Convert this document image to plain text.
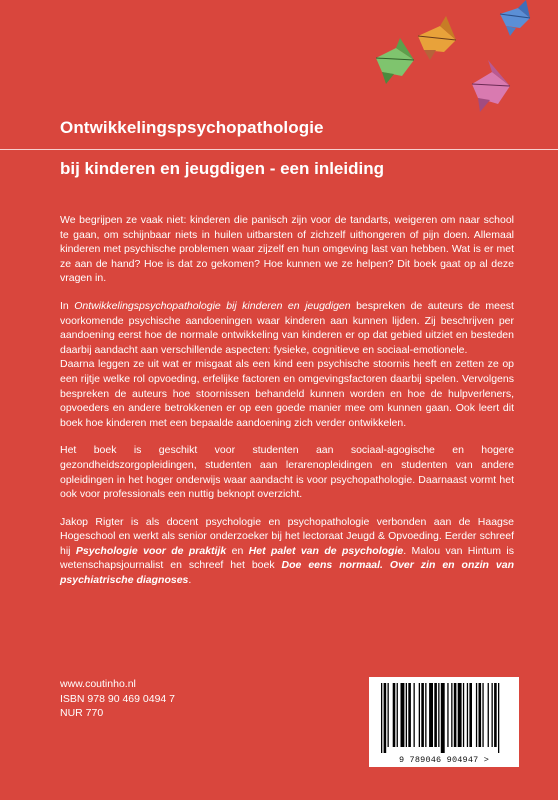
Ontwikkelingspsychopathologie
bij kinderen en jeugdigen - een inleiding

We begrijpen ze vaak niet: kinderen die panisch zijn voor de tandarts, weigeren om naar school te gaan, om schijnbaar niets in huilen uitbarsten of zichzelf uithongeren of pijn doen. Allemaal kinderen met psychische problemen waar zijzelf en hun omgeving last van hebben. Wat is er met ze aan de hand? Hoe is dat zo gekomen? Hoe kunnen we ze helpen? Dit boek gaat op al deze vragen in.

In Ontwikkelingspsychopathologie bij kinderen en jeugdigen bespreken de auteurs de meest voorkomende psychische aandoeningen waar kinderen aan kunnen lijden. Zij beschrijven per aandoening eerst hoe de normale ontwikkeling van kinderen er op dat gebied uitziet en besteden daarbij aandacht aan verschillende aspecten: fysieke, cognitieve en sociaal-emotionele.
Daarna leggen ze uit wat er misgaat als een kind een psychische stoornis heeft en zetten ze op een rijtje welke rol opvoeding, erfelijke factoren en omgevingsfactoren daarbij spelen. Vervolgens bespreken de auteurs hoe stoornissen behandeld kunnen worden en hoe de hulpverleners, opvoeders en andere betrokkenen er op een goede manier mee om kunnen gaan. Ook leert dit boek hoe kinderen met een bepaalde aandoening zich verder ontwikkelen.

Het boek is geschikt voor studenten aan sociaal-agogische en hogere gezondheidszorgopleidingen, studenten aan lerarenopleidingen en studenten van andere opleidingen in het hoger onderwijs waar aandacht is voor psychopathologie. Daarnaast vormt het ook voor professionals een nuttig beknopt overzicht.

Jakop Rigter is als docent psychologie en psychopathologie verbonden aan de Haagse Hogeschool en werkt als senior onderzoeker bij het lectoraat Jeugd & Opvoeding. Eerder schreef hij Psychologie voor de praktijk en Het palet van de psychologie. Malou van Hintum is wetenschapsjournalist en schreef het boek Doe eens normaal. Over zin en onzin van psychiatrische diagnoses.

www.coutinho.nl
ISBN 978 90 469 0494 7
NUR 770
9 789046 904947 >
